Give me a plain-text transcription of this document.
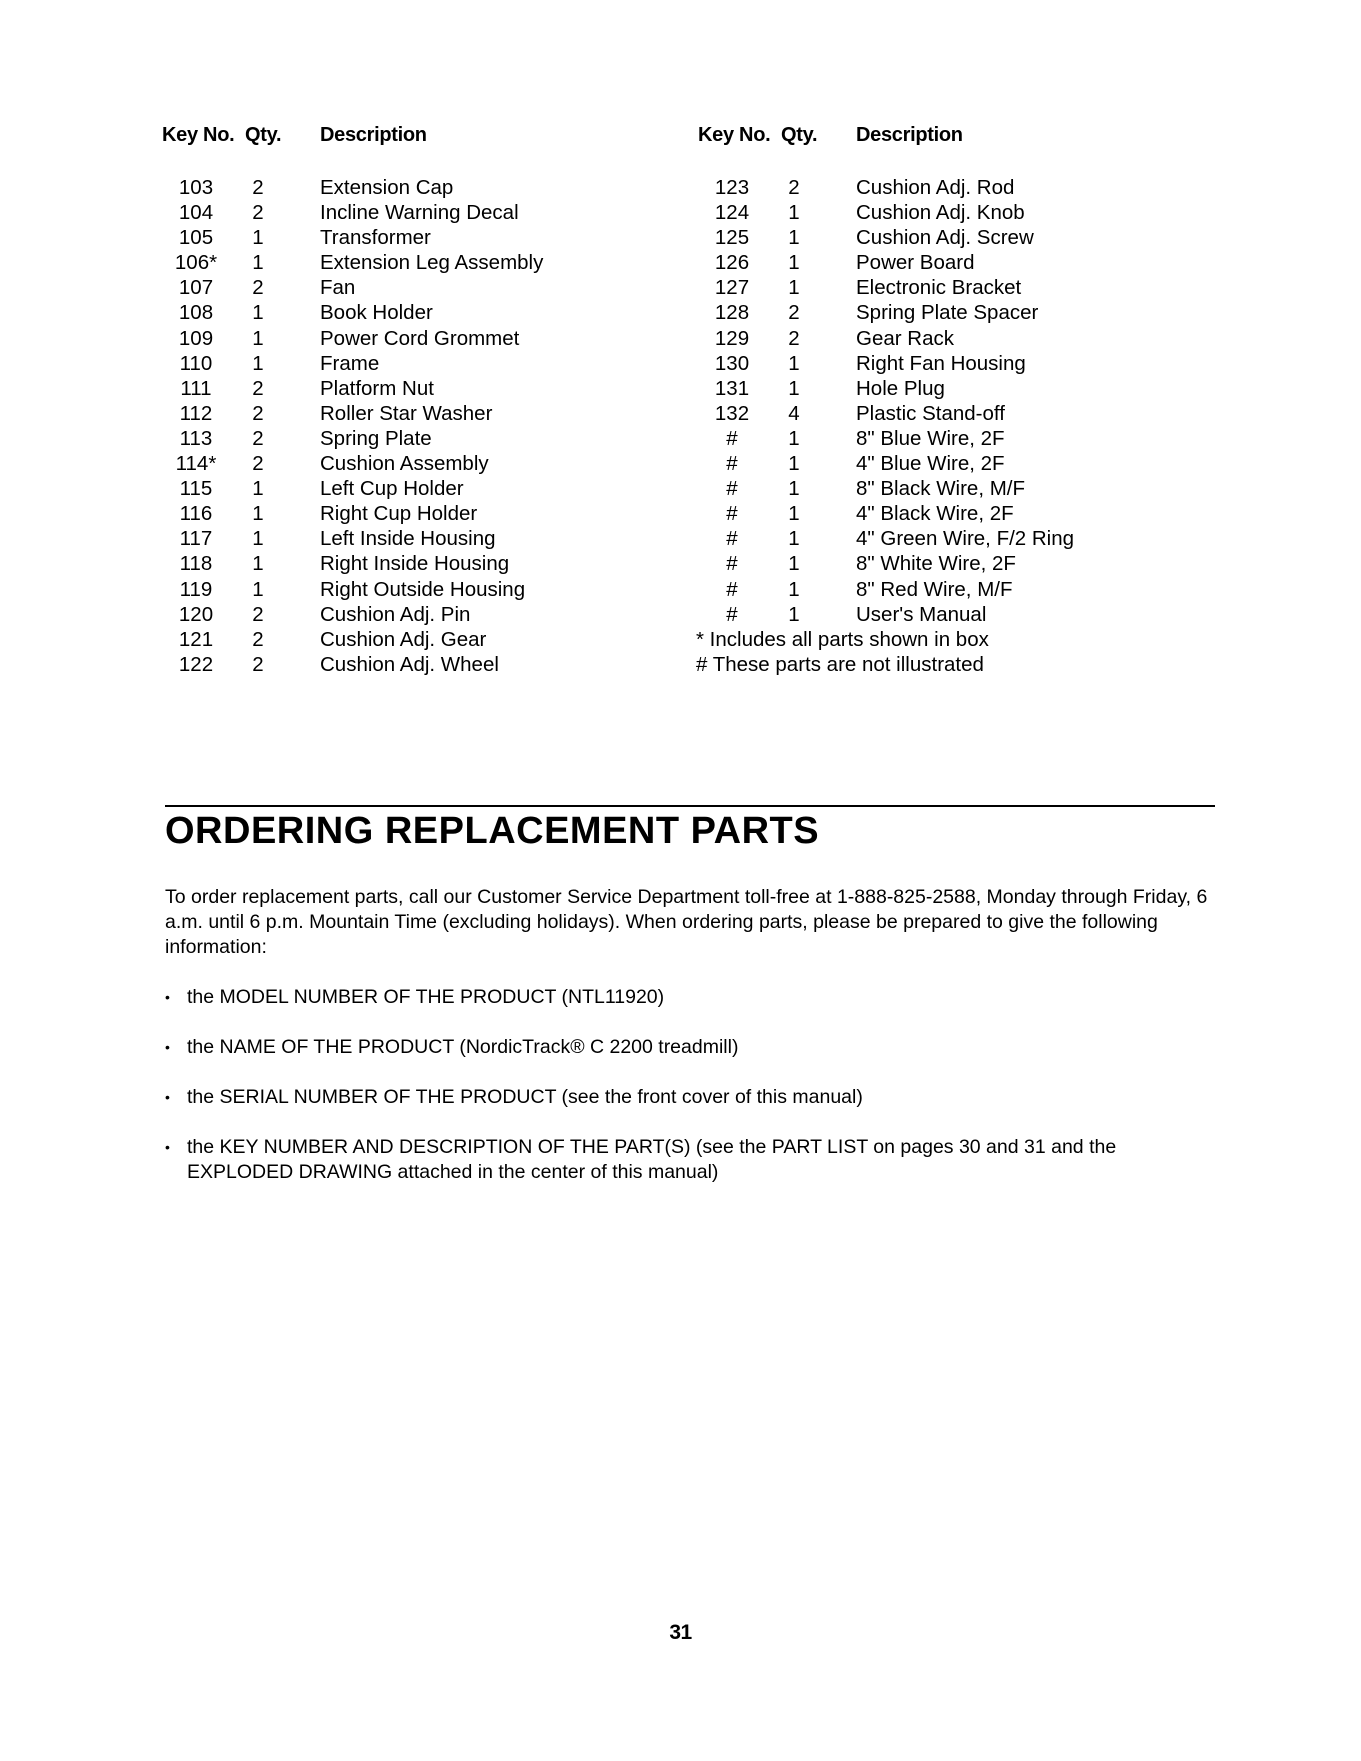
Key No. Qty. Description
103	2	Extension Cap
104	2	Incline Warning Decal
105	1	Transformer
106*	1	Extension Leg Assembly
107	2	Fan
108	1	Book Holder
109	1	Power Cord Grommet
110	1	Frame
111	2	Platform Nut
112	2	Roller Star Washer
113	2	Spring Plate
114*	2	Cushion Assembly
115	1	Left Cup Holder
116	1	Right Cup Holder
117	1	Left Inside Housing
118	1	Right Inside Housing
119	1	Right Outside Housing
120	2	Cushion Adj. Pin
121	2	Cushion Adj. Gear
122	2	Cushion Adj. Wheel
Key No. Qty. Description
123	2	Cushion Adj. Rod
124	1	Cushion Adj. Knob
125	1	Cushion Adj. Screw
126	1	Power Board
127	1	Electronic Bracket
128	2	Spring Plate Spacer
129	2	Gear Rack
130	1	Right Fan Housing
131	1	Hole Plug
132	4	Plastic Stand-off
#	1	8" Blue Wire, 2F
#	1	4" Blue Wire, 2F
#	1	8" Black Wire, M/F
#	1	4" Black Wire, 2F
#	1	4" Green Wire, F/2 Ring
#	1	8" White Wire, 2F
#	1	8" Red Wire, M/F
#	1	User's Manual
* Includes all parts shown in box
# These parts are not illustrated
ORDERING REPLACEMENT PARTS

To order replacement parts, call our Customer Service Department toll-free at 1-888-825-2588, Monday through Friday, 6 a.m. until 6 p.m. Mountain Time (excluding holidays). When ordering parts, please be prepared to give the following information:

• the MODEL NUMBER OF THE PRODUCT (NTL11920)
• the NAME OF THE PRODUCT (NordicTrack® C 2200 treadmill)
• the SERIAL NUMBER OF THE PRODUCT (see the front cover of this manual)
• the KEY NUMBER AND DESCRIPTION OF THE PART(S) (see the PART LIST on pages 30 and 31 and the EXPLODED DRAWING attached in the center of this manual)
31
